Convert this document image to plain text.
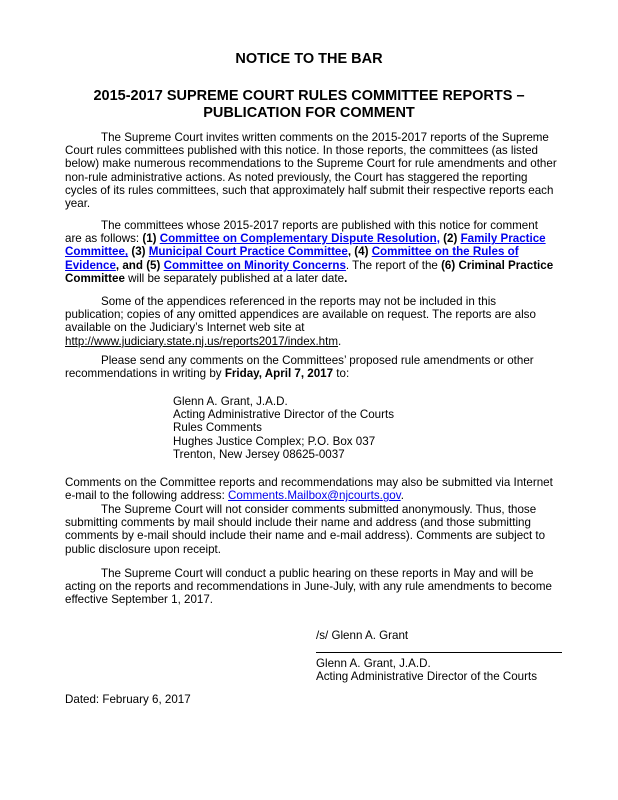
NOTICE TO THE BAR
2015-2017 SUPREME COURT RULES COMMITTEE REPORTS –
PUBLICATION FOR COMMENT
The Supreme Court invites written comments on the 2015-2017 reports of the Supreme Court rules committees published with this notice. In those reports, the committees (as listed below) make numerous recommendations to the Supreme Court for rule amendments and other non-rule administrative actions. As noted previously, the Court has staggered the reporting cycles of its rules committees, such that approximately half submit their respective reports each year.
The committees whose 2015-2017 reports are published with this notice for comment are as follows: (1) Committee on Complementary Dispute Resolution, (2) Family Practice Committee, (3) Municipal Court Practice Committee, (4) Committee on the Rules of Evidence, and (5) Committee on Minority Concerns. The report of the (6) Criminal Practice Committee will be separately published at a later date.
Some of the appendices referenced in the reports may not be included in this publication; copies of any omitted appendices are available on request. The reports are also available on the Judiciary’s Internet web site at http://www.judiciary.state.nj.us/reports2017/index.htm.
Please send any comments on the Committees’ proposed rule amendments or other recommendations in writing by Friday, April 7, 2017 to:
Glenn A. Grant, J.A.D.
Acting Administrative Director of the Courts
Rules Comments
Hughes Justice Complex; P.O. Box 037
Trenton, New Jersey 08625-0037
Comments on the Committee reports and recommendations may also be submitted via Internet e-mail to the following address: Comments.Mailbox@njcourts.gov.
The Supreme Court will not consider comments submitted anonymously. Thus, those submitting comments by mail should include their name and address (and those submitting comments by e-mail should include their name and e-mail address). Comments are subject to public disclosure upon receipt.
The Supreme Court will conduct a public hearing on these reports in May and will be acting on the reports and recommendations in June-July, with any rule amendments to become effective September 1, 2017.
/s/ Glenn A. Grant
Glenn A. Grant, J.A.D.
Acting Administrative Director of the Courts
Dated: February 6, 2017
